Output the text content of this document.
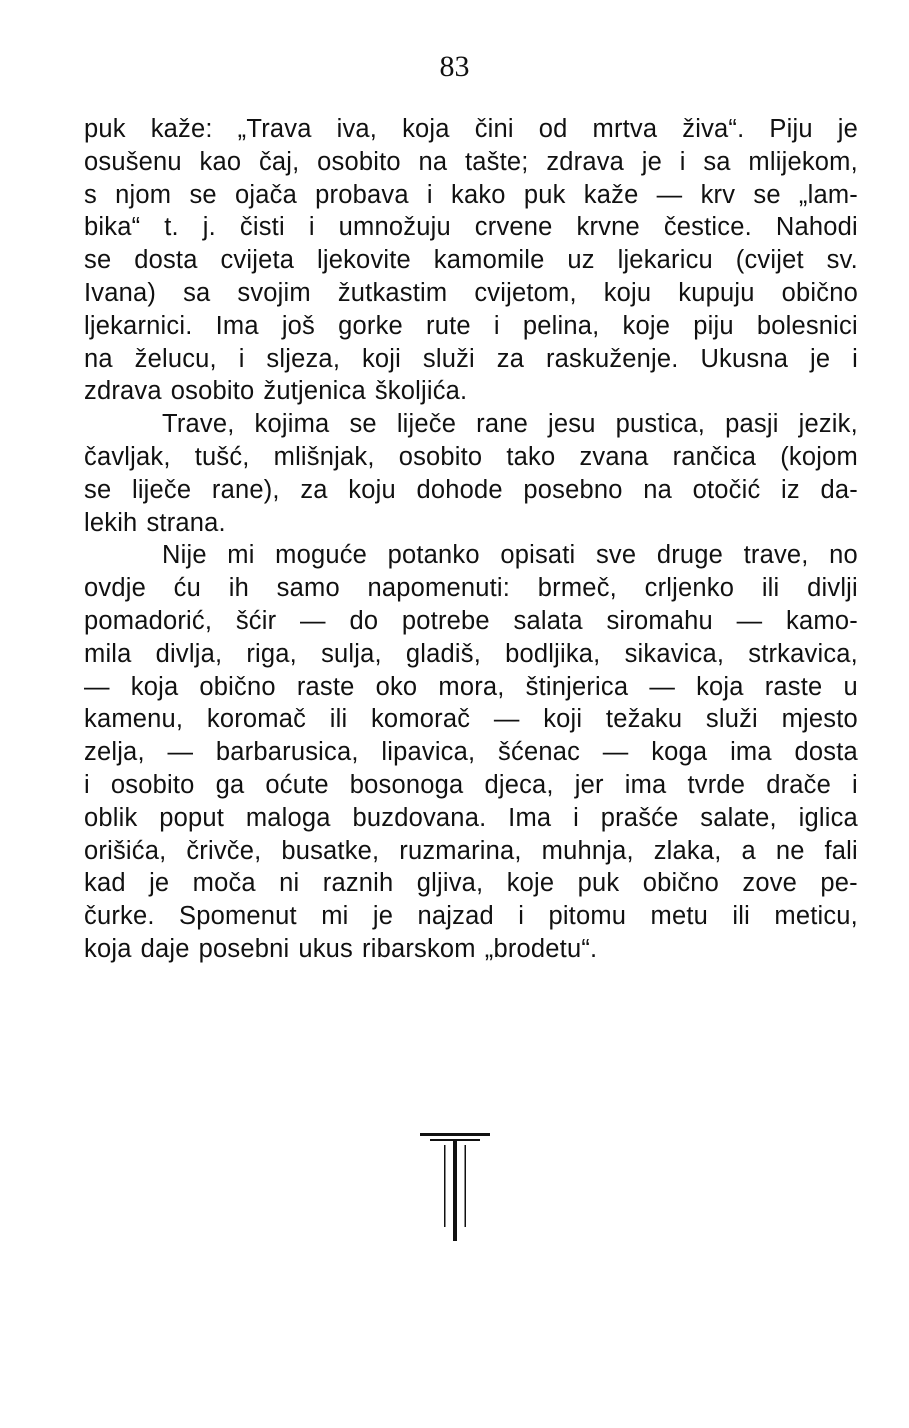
83
puk kaže: „Trava iva, koja čini od mrtva živa“. Piju je
osušenu kao čaj, osobito na tašte; zdrava je i sa mlijekom,
s njom se ojača probava i kako puk kaže — krv se „lam-
bika“ t. j. čisti i umnožuju crvene krvne čestice. Nahodi
se dosta cvijeta ljekovite kamomile uz ljekaricu (cvijet sv.
Ivana) sa svojim žutkastim cvijetom, koju kupuju obično
ljekarnici. Ima još gorke rute i pelina, koje piju bolesnici
na želucu, i sljeza, koji služi za raskuženje. Ukusna je i
zdrava osobito žutjenica školjića.
Trave, kojima se liječe rane jesu pustica, pasji jezik,
čavljak, tušć, mlišnjak, osobito tako zvana rančica (kojom
se liječe rane), za koju dohode posebno na otočić iz da-
lekih strana.
Nije mi moguće potanko opisati sve druge trave, no
ovdje ću ih samo napomenuti: brmeč, crljenko ili divlji
pomadorić, šćir — do potrebe salata siromahu — kamo-
mila divlja, riga, sulja, gladiš, bodljika, sikavica, strkavica,
— koja obično raste oko mora, štinjerica — koja raste u
kamenu, koromač ili komorač — koji težaku služi mjesto
zelja, — barbarusica, lipavica, šćenac — koga ima dosta
i osobito ga oćute bosonoga djeca, jer ima tvrde drače i
oblik poput maloga buzdovana. Ima i prašće salate, iglica
orišića, črivče, busatke, ruzmarina, muhnja, zlaka, a ne fali
kad je moča ni raznih gljiva, koje puk obično zove pe-
čurke. Spomenut mi je najzad i pitomu metu ili meticu,
koja daje posebni ukus ribarskom „brodetu“.
